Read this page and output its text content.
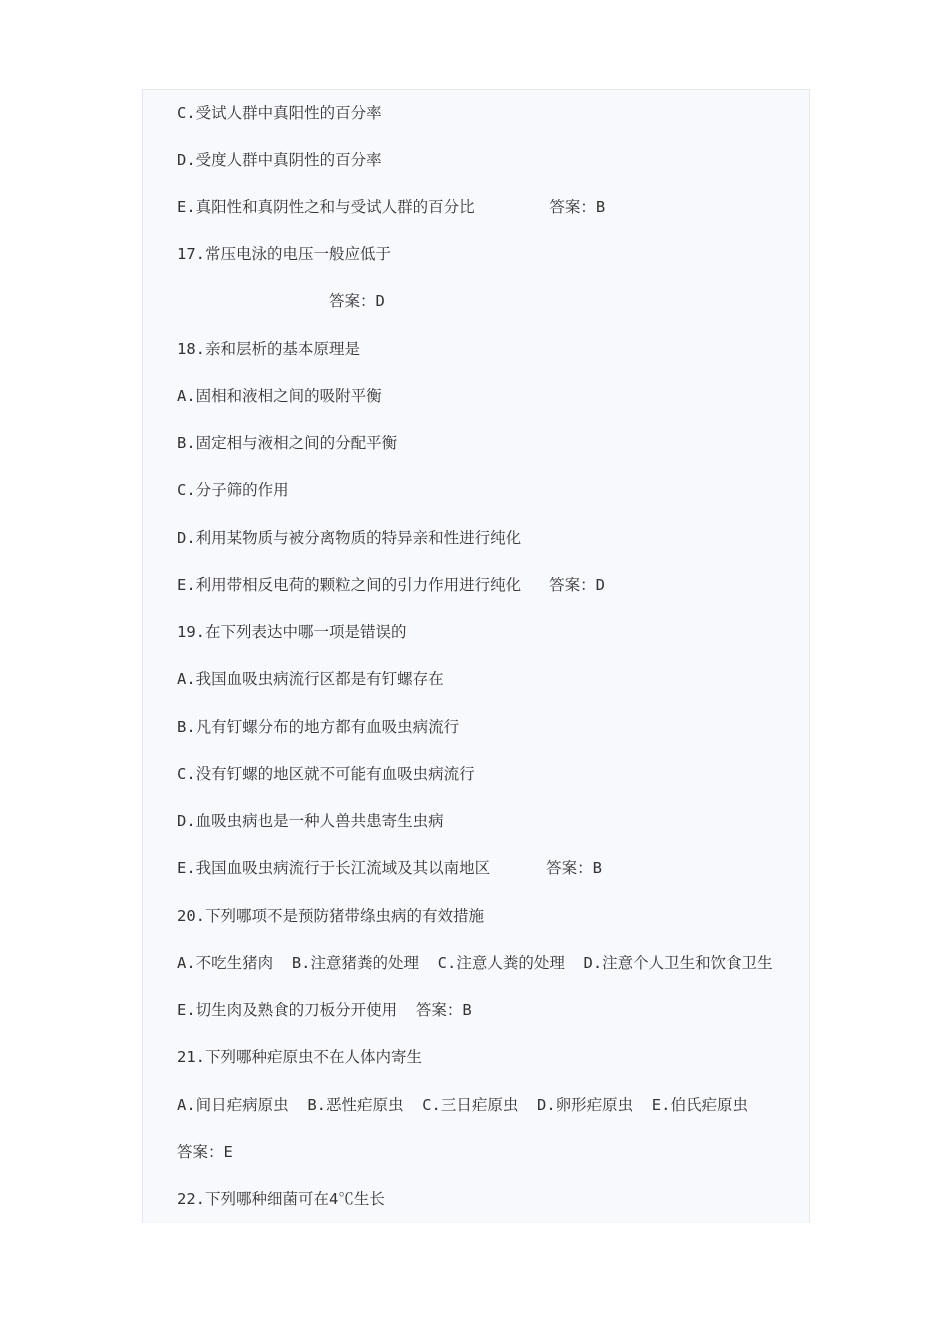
C.受试人群中真阳性的百分率
D.受度人群中真阴性的百分率
E.真阳性和真阴性之和与受试人群的百分比        答案：B
17.常压电泳的电压一般应低于
答案：D
18.亲和层析的基本原理是
A.固相和液相之间的吸附平衡
B.固定相与液相之间的分配平衡
C.分子筛的作用
D.利用某物质与被分离物质的特异亲和性进行纯化
E.利用带相反电荷的颗粒之间的引力作用进行纯化   答案：D
19.在下列表达中哪一项是错误的
A.我国血吸虫病流行区都是有钉螺存在
B.凡有钉螺分布的地方都有血吸虫病流行
C.没有钉螺的地区就不可能有血吸虫病流行
D.血吸虫病也是一种人兽共患寄生虫病
E.我国血吸虫病流行于长江流域及其以南地区      答案：B
20.下列哪项不是预防猪带绦虫病的有效措施
A.不吃生猪肉  B.注意猪粪的处理  C.注意人粪的处理  D.注意个人卫生和饮食卫生
E.切生肉及熟食的刀板分开使用  答案：B
21.下列哪种疟原虫不在人体内寄生
A.间日疟病原虫  B.恶性疟原虫  C.三日疟原虫  D.卵形疟原虫  E.伯氏疟原虫
答案：E
22.下列哪种细菌可在4℃生长
